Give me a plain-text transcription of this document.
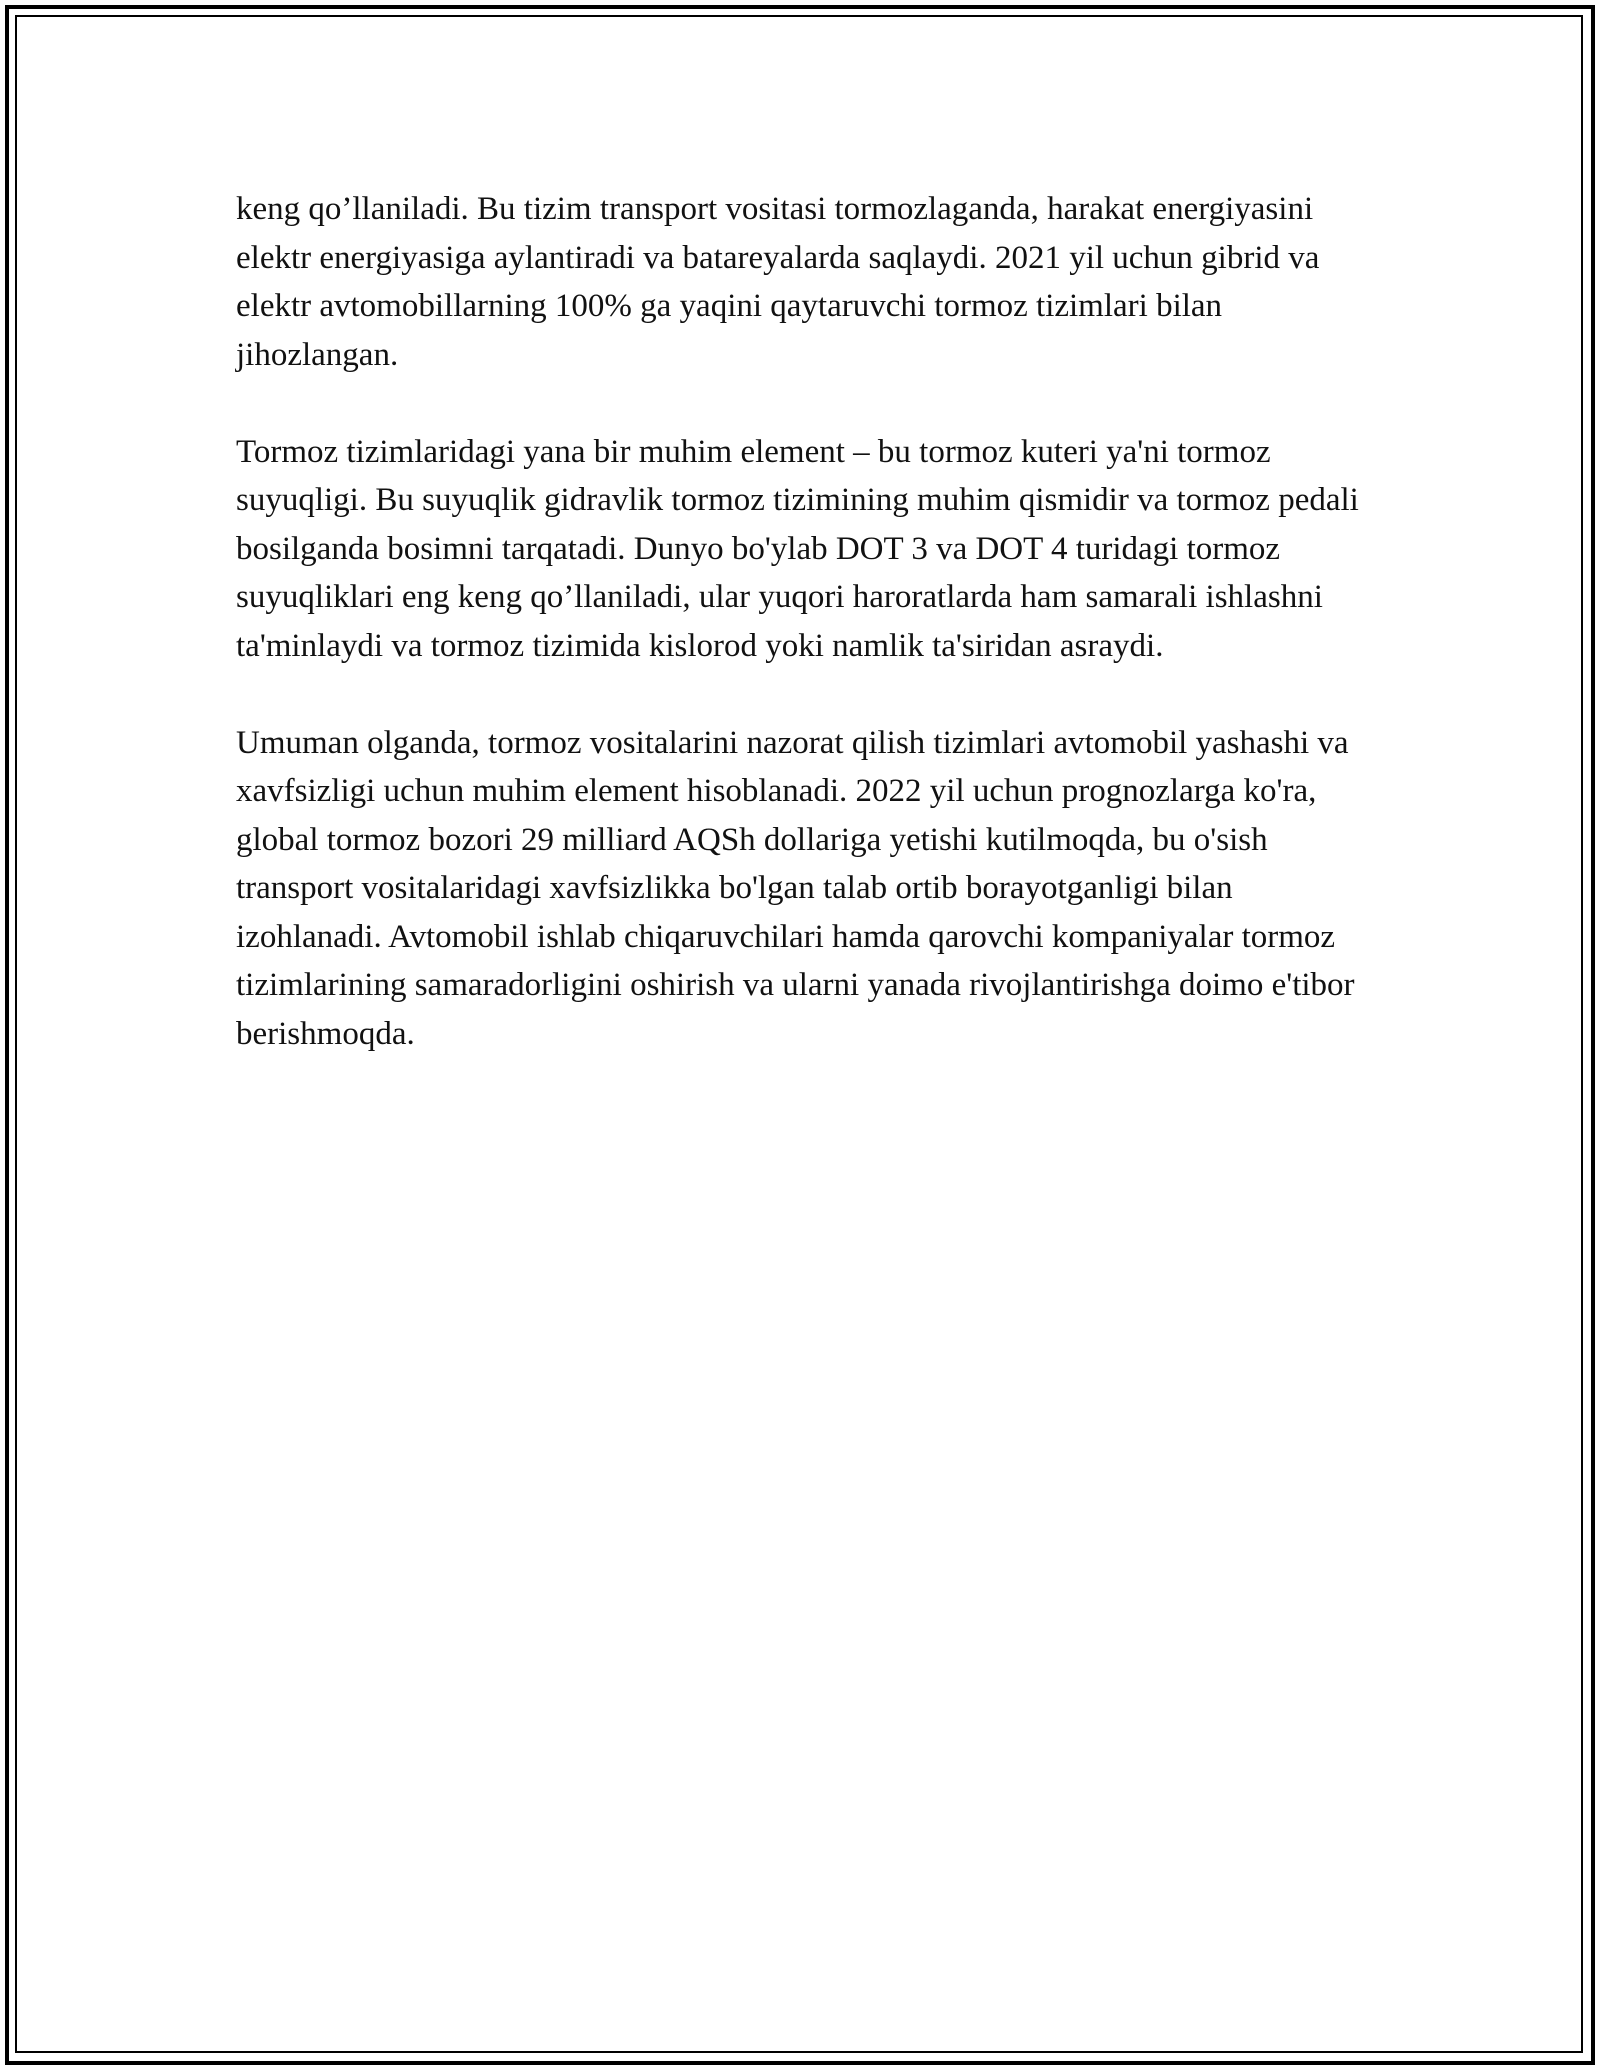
keng qo’llaniladi. Bu tizim transport vositasi tormozlaganda, harakat energiyasini elektr energiyasiga aylantiradi va batareyalarda saqlaydi. 2021 yil uchun gibrid va elektr avtomobillarning 100% ga yaqini qaytaruvchi tormoz tizimlari bilan jihozlangan.

Tormoz tizimlaridagi yana bir muhim element – bu tormoz kuteri ya'ni tormoz suyuqligi. Bu suyuqlik gidravlik tormoz tizimining muhim qismidir va tormoz pedali bosilganda bosimni tarqatadi. Dunyo bo'ylab DOT 3 va DOT 4 turidagi tormoz suyuqliklari eng keng qo’llaniladi, ular yuqori haroratlarda ham samarali ishlashni ta'minlaydi va tormoz tizimida kislorod yoki namlik ta'siridan asraydi.

Umuman olganda, tormoz vositalarini nazorat qilish tizimlari avtomobil yashashi va xavfsizligi uchun muhim element hisoblanadi. 2022 yil uchun prognozlarga ko'ra, global tormoz bozori 29 milliard AQSh dollariga yetishi kutilmoqda, bu o'sish transport vositalaridagi xavfsizlikka bo'lgan talab ortib borayotganligi bilan izohlanadi. Avtomobil ishlab chiqaruvchilari hamda qarovchi kompaniyalar tormoz tizimlarining samaradorligini oshirish va ularni yanada rivojlantirishga doimo e'tibor berishmoqda.
